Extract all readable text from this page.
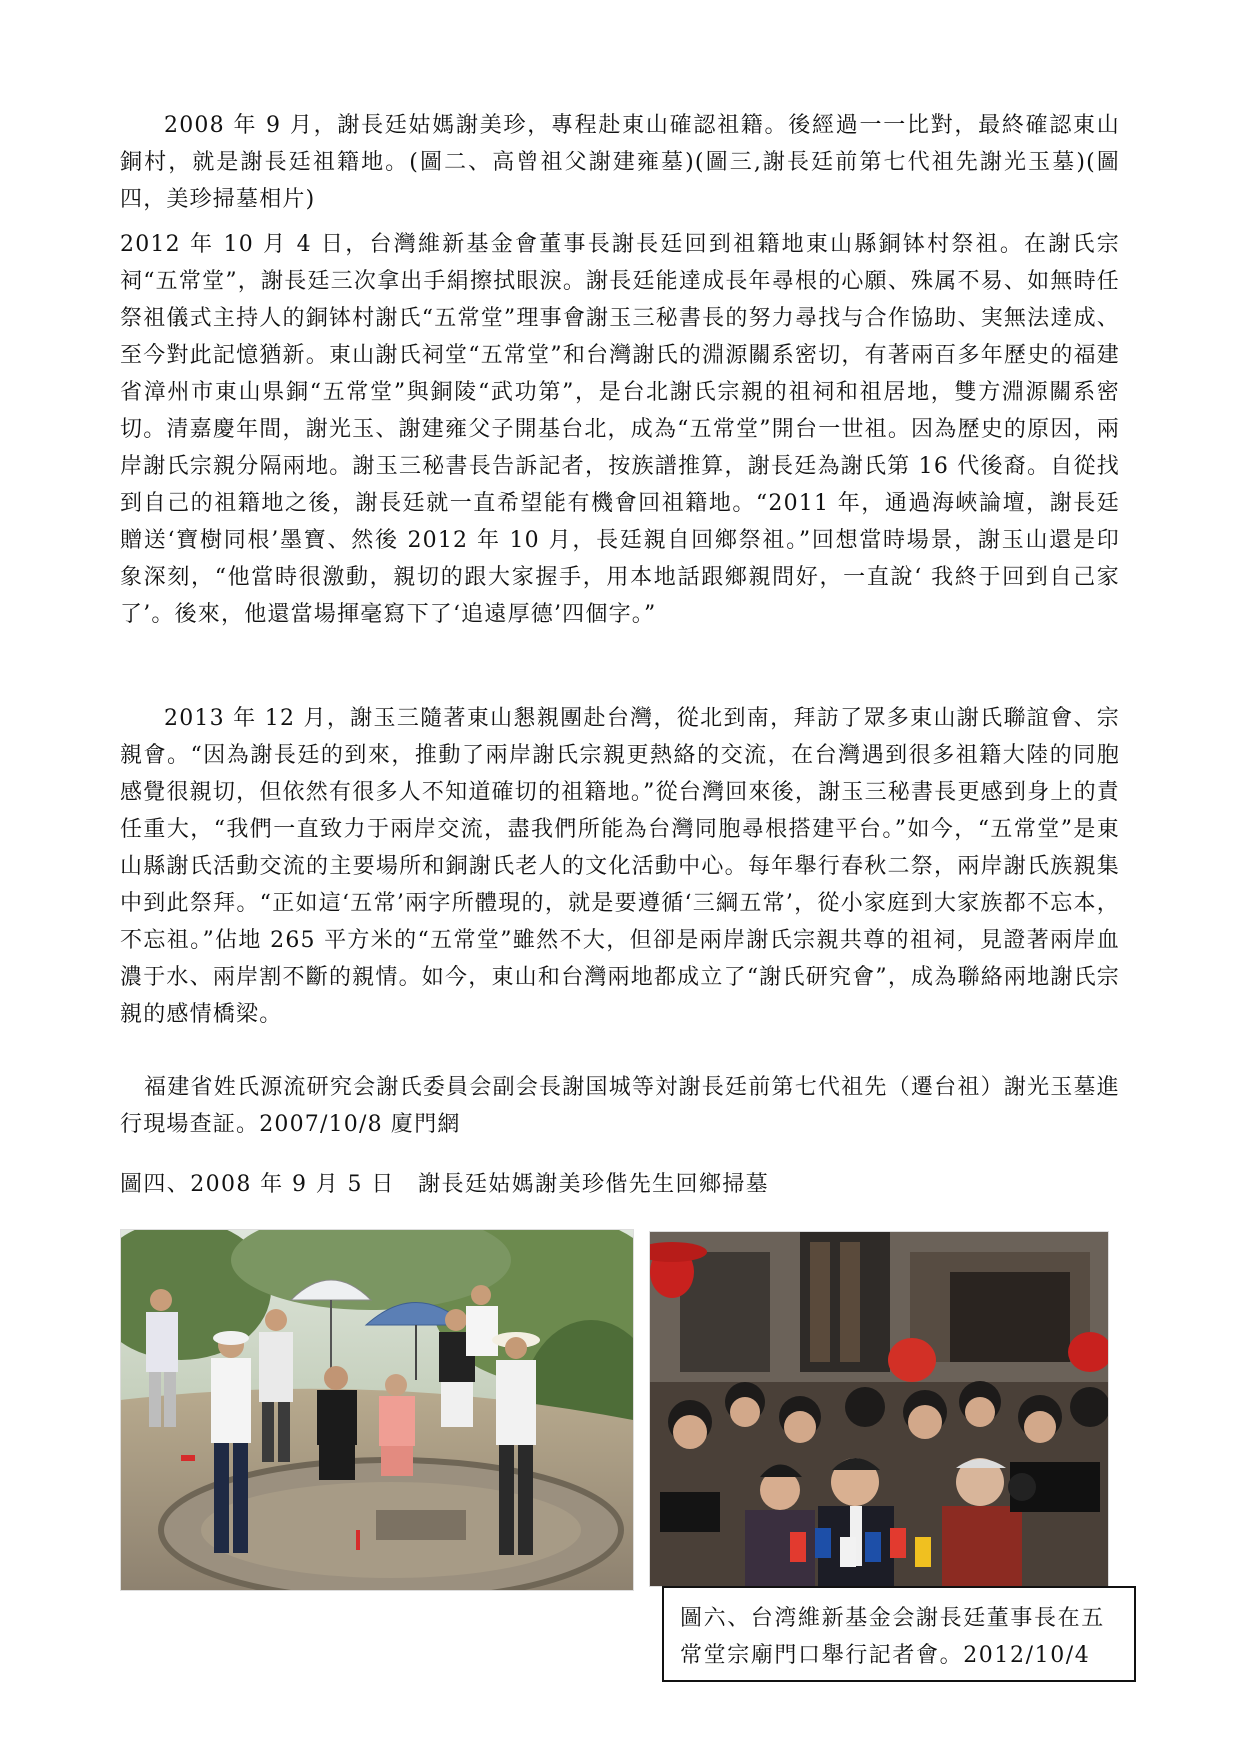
2008 年 9 月，謝長廷姑媽謝美珍，專程赴東山確認祖籍。後經過一一比對，最終確認東山銅村，就是謝長廷祖籍地。(圖二、高曾祖父謝建雍墓)(圖三,謝長廷前第七代祖先謝光玉墓)(圖四，美珍掃墓相片)

2012 年 10 月 4 日，台灣維新基金會董事長謝長廷回到祖籍地東山縣銅钵村祭祖。在謝氏宗祠“五常堂”，謝長廷三次拿出手絹擦拭眼淚。謝長廷能達成長年尋根的心願、殊属不易、如無時任祭祖儀式主持人的銅钵村謝氏“五常堂”理事會謝玉三秘書長的努力尋找与合作協助、実無法達成、至今對此記憶猶新。東山謝氏祠堂“五常堂”和台灣謝氏的淵源關系密切，有著兩百多年歷史的福建省漳州市東山県銅“五常堂”與銅陵“武功第”，是台北謝氏宗親的祖祠和祖居地，雙方淵源關系密切。清嘉慶年間，謝光玉、謝建雍父子開基台北，成為“五常堂”開台一世祖。因為歷史的原因，兩岸謝氏宗親分隔兩地。謝玉三秘書長告訴記者，按族譜推算，謝長廷為謝氏第 16 代後裔。自從找到自己的祖籍地之後，謝長廷就一直希望能有機會回祖籍地。“2011 年，通過海峽論壇，謝長廷贈送‘寶樹同根’墨寶、然後 2012 年 10 月，長廷親自回鄉祭祖。”回想當時場景，謝玉山還是印象深刻，“他當時很激動，親切的跟大家握手，用本地話跟鄉親問好，一直說‘ 我終于回到自己家了’。後來，他還當場揮毫寫下了‘追遠厚德’四個字。”

2013 年 12 月，謝玉三隨著東山懇親團赴台灣，從北到南，拜訪了眾多東山謝氏聯誼會、宗親會。“因為謝長廷的到來，推動了兩岸謝氏宗親更熱絡的交流，在台灣遇到很多祖籍大陸的同胞感覺很親切，但依然有很多人不知道確切的祖籍地。”從台灣回來後，謝玉三秘書長更感到身上的責任重大，“我們一直致力于兩岸交流，盡我們所能為台灣同胞尋根搭建平台。”如今，“五常堂”是東山縣謝氏活動交流的主要場所和銅謝氏老人的文化活動中心。每年舉行春秋二祭，兩岸謝氏族親集中到此祭拜。“正如這‘五常’兩字所體現的，就是要遵循‘三綱五常’，從小家庭到大家族都不忘本，不忘祖。”佔地 265 平方米的“五常堂”雖然不大，但卻是兩岸謝氏宗親共尊的祖祠，見證著兩岸血濃于水、兩岸割不斷的親情。如今，東山和台灣兩地都成立了“謝氏研究會”，成為聯絡兩地謝氏宗親的感情橋梁。

福建省姓氏源流研究会謝氏委員会副会長謝国城等対謝長廷前第七代祖先（遷台祖）謝光玉墓進行現場查証。2007/10/8 廈門網

圖四、2008 年 9 月 5 日　謝長廷姑媽謝美珍偕先生回鄉掃墓

圖六、台湾維新基金会謝長廷董事長在五
常堂宗廟門口舉行記者會。2012/10/4
